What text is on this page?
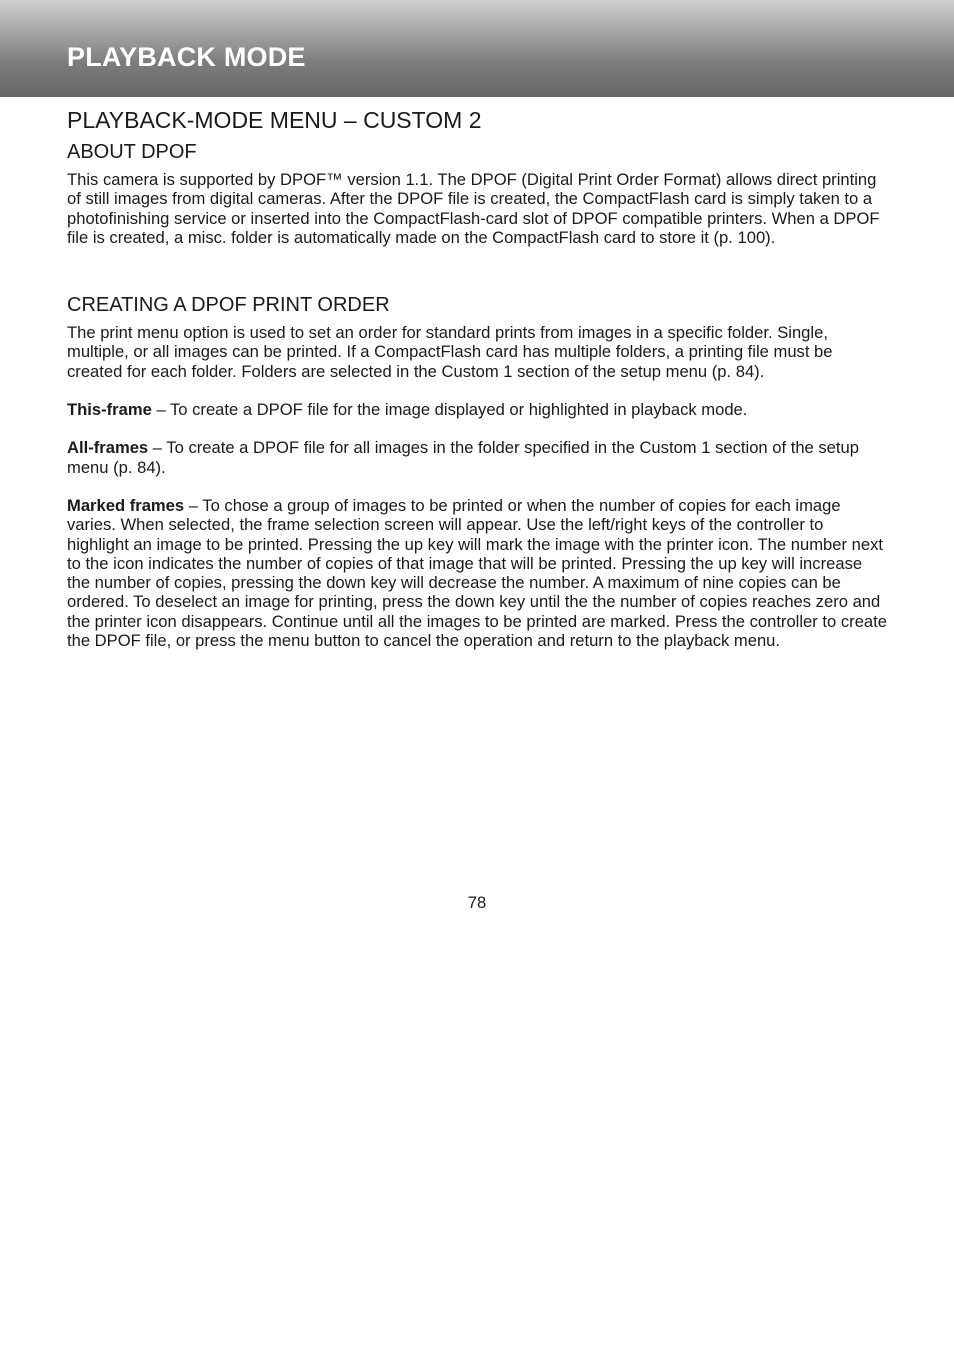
PLAYBACK MODE
PLAYBACK-MODE MENU – CUSTOM 2
ABOUT DPOF

This camera is supported by DPOF™ version 1.1. The DPOF (Digital Print Order Format) allows direct printing of still images from digital cameras. After the DPOF file is created, the CompactFlash card is simply taken to a photofinishing service or inserted into the CompactFlash-card slot of DPOF compatible printers. When a DPOF file is created, a misc. folder is automatically made on the CompactFlash card to store it (p. 100).

CREATING A DPOF PRINT ORDER

The print menu option is used to set an order for standard prints from images in a specific folder. Single, multiple, or all images can be printed. If a CompactFlash card has multiple folders, a printing file must be created for each folder. Folders are selected in the Custom 1 section of the setup menu (p. 84).

This-frame – To create a DPOF file for the image displayed or highlighted in playback mode.

All-frames – To create a DPOF file for all images in the folder specified in the Custom 1 section of the setup menu (p. 84).

Marked frames – To chose a group of images to be printed or when the number of copies for each image varies. When selected, the frame selection screen will appear. Use the left/right keys of the controller to highlight an image to be printed. Pressing the up key will mark the image with the printer icon. The number next to the icon indicates the number of copies of that image that will be printed. Pressing the up key will increase the number of copies, pressing the down key will decrease the number. A maximum of nine copies can be ordered. To deselect an image for printing, press the down key until the the number of copies reaches zero and the printer icon disappears. Continue until all the images to be printed are marked. Press the controller to create the DPOF file, or press the menu button to cancel the operation and return to the playback menu.

78
